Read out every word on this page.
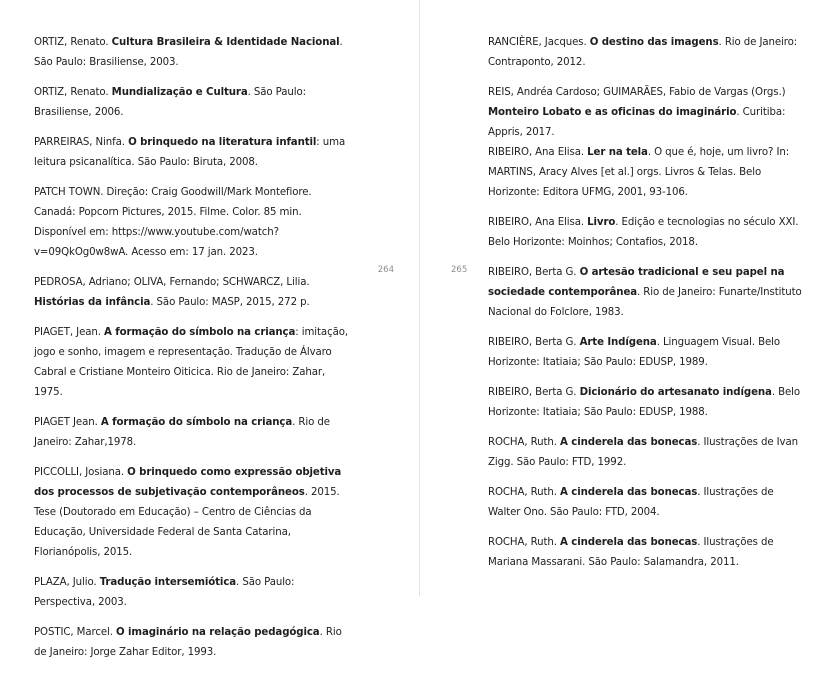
ORTIZ, Renato. Cultura Brasileira & Identidade Nacional. São Paulo: Brasiliense, 2003.

ORTIZ, Renato. Mundialização e Cultura. São Paulo: Brasiliense, 2006.

PARREIRAS, Ninfa. O brinquedo na literatura infantil: uma leitura psicanalítica. São Paulo: Biruta, 2008.

PATCH TOWN. Direção: Craig Goodwill/Mark Montefiore. Canadá: Popcorn Pictures, 2015. Filme. Color. 85 min. Disponível em: https://www.youtube.com/watch?v=09QkOg0w8wA. Acesso em: 17 jan. 2023.

PEDROSA, Adriano; OLIVA, Fernando; SCHWARCZ, Lilia. Histórias da infância. São Paulo: MASP, 2015, 272 p.

PIAGET, Jean. A formação do símbolo na criança: imitação, jogo e sonho, imagem e representação. Tradução de Álvaro Cabral e Cristiane Monteiro Oiticica. Rio de Janeiro: Zahar, 1975.

PIAGET Jean. A formação do símbolo na criança. Rio de Janeiro: Zahar,1978.

PICCOLLI, Josiana. O brinquedo como expressão objetiva dos processos de subjetivação contemporâneos. 2015. Tese (Doutorado em Educação) – Centro de Ciências da Educação, Universidade Federal de Santa Catarina, Florianópolis, 2015.

PLAZA, Julio. Tradução intersemiótica. São Paulo: Perspectiva, 2003.

POSTIC, Marcel. O imaginário na relação pedagógica. Rio de Janeiro: Jorge Zahar Editor, 1993.

264	265

RANCIÈRE, Jacques. O destino das imagens. Rio de Janeiro: Contraponto, 2012.

REIS, Andréa Cardoso; GUIMARÃES, Fabio de Vargas (Orgs.) Monteiro Lobato e as oficinas do imaginário. Curitiba: Appris, 2017.

RIBEIRO, Ana Elisa. Ler na tela. O que é, hoje, um livro? In: MARTINS, Aracy Alves [et al.] orgs. Livros & Telas. Belo Horizonte: Editora UFMG, 2001, 93-106.

RIBEIRO, Ana Elisa. Livro. Edição e tecnologias no século XXI. Belo Horizonte: Moinhos; Contafios, 2018.

RIBEIRO, Berta G. O artesão tradicional e seu papel na sociedade contemporânea. Rio de Janeiro: Funarte/Instituto Nacional do Folclore, 1983.

RIBEIRO, Berta G. Arte Indígena. Linguagem Visual. Belo Horizonte: Itatiaia; São Paulo: EDUSP, 1989.

RIBEIRO, Berta G. Dicionário do artesanato indígena. Belo Horizonte: Itatiaia; São Paulo: EDUSP, 1988.

ROCHA, Ruth. A cinderela das bonecas. Ilustrações de Ivan Zigg. São Paulo: FTD, 1992.

ROCHA, Ruth. A cinderela das bonecas. Ilustrações de Walter Ono. São Paulo: FTD, 2004.

ROCHA, Ruth. A cinderela das bonecas. Ilustrações de Mariana Massarani. São Paulo: Salamandra, 2011.
